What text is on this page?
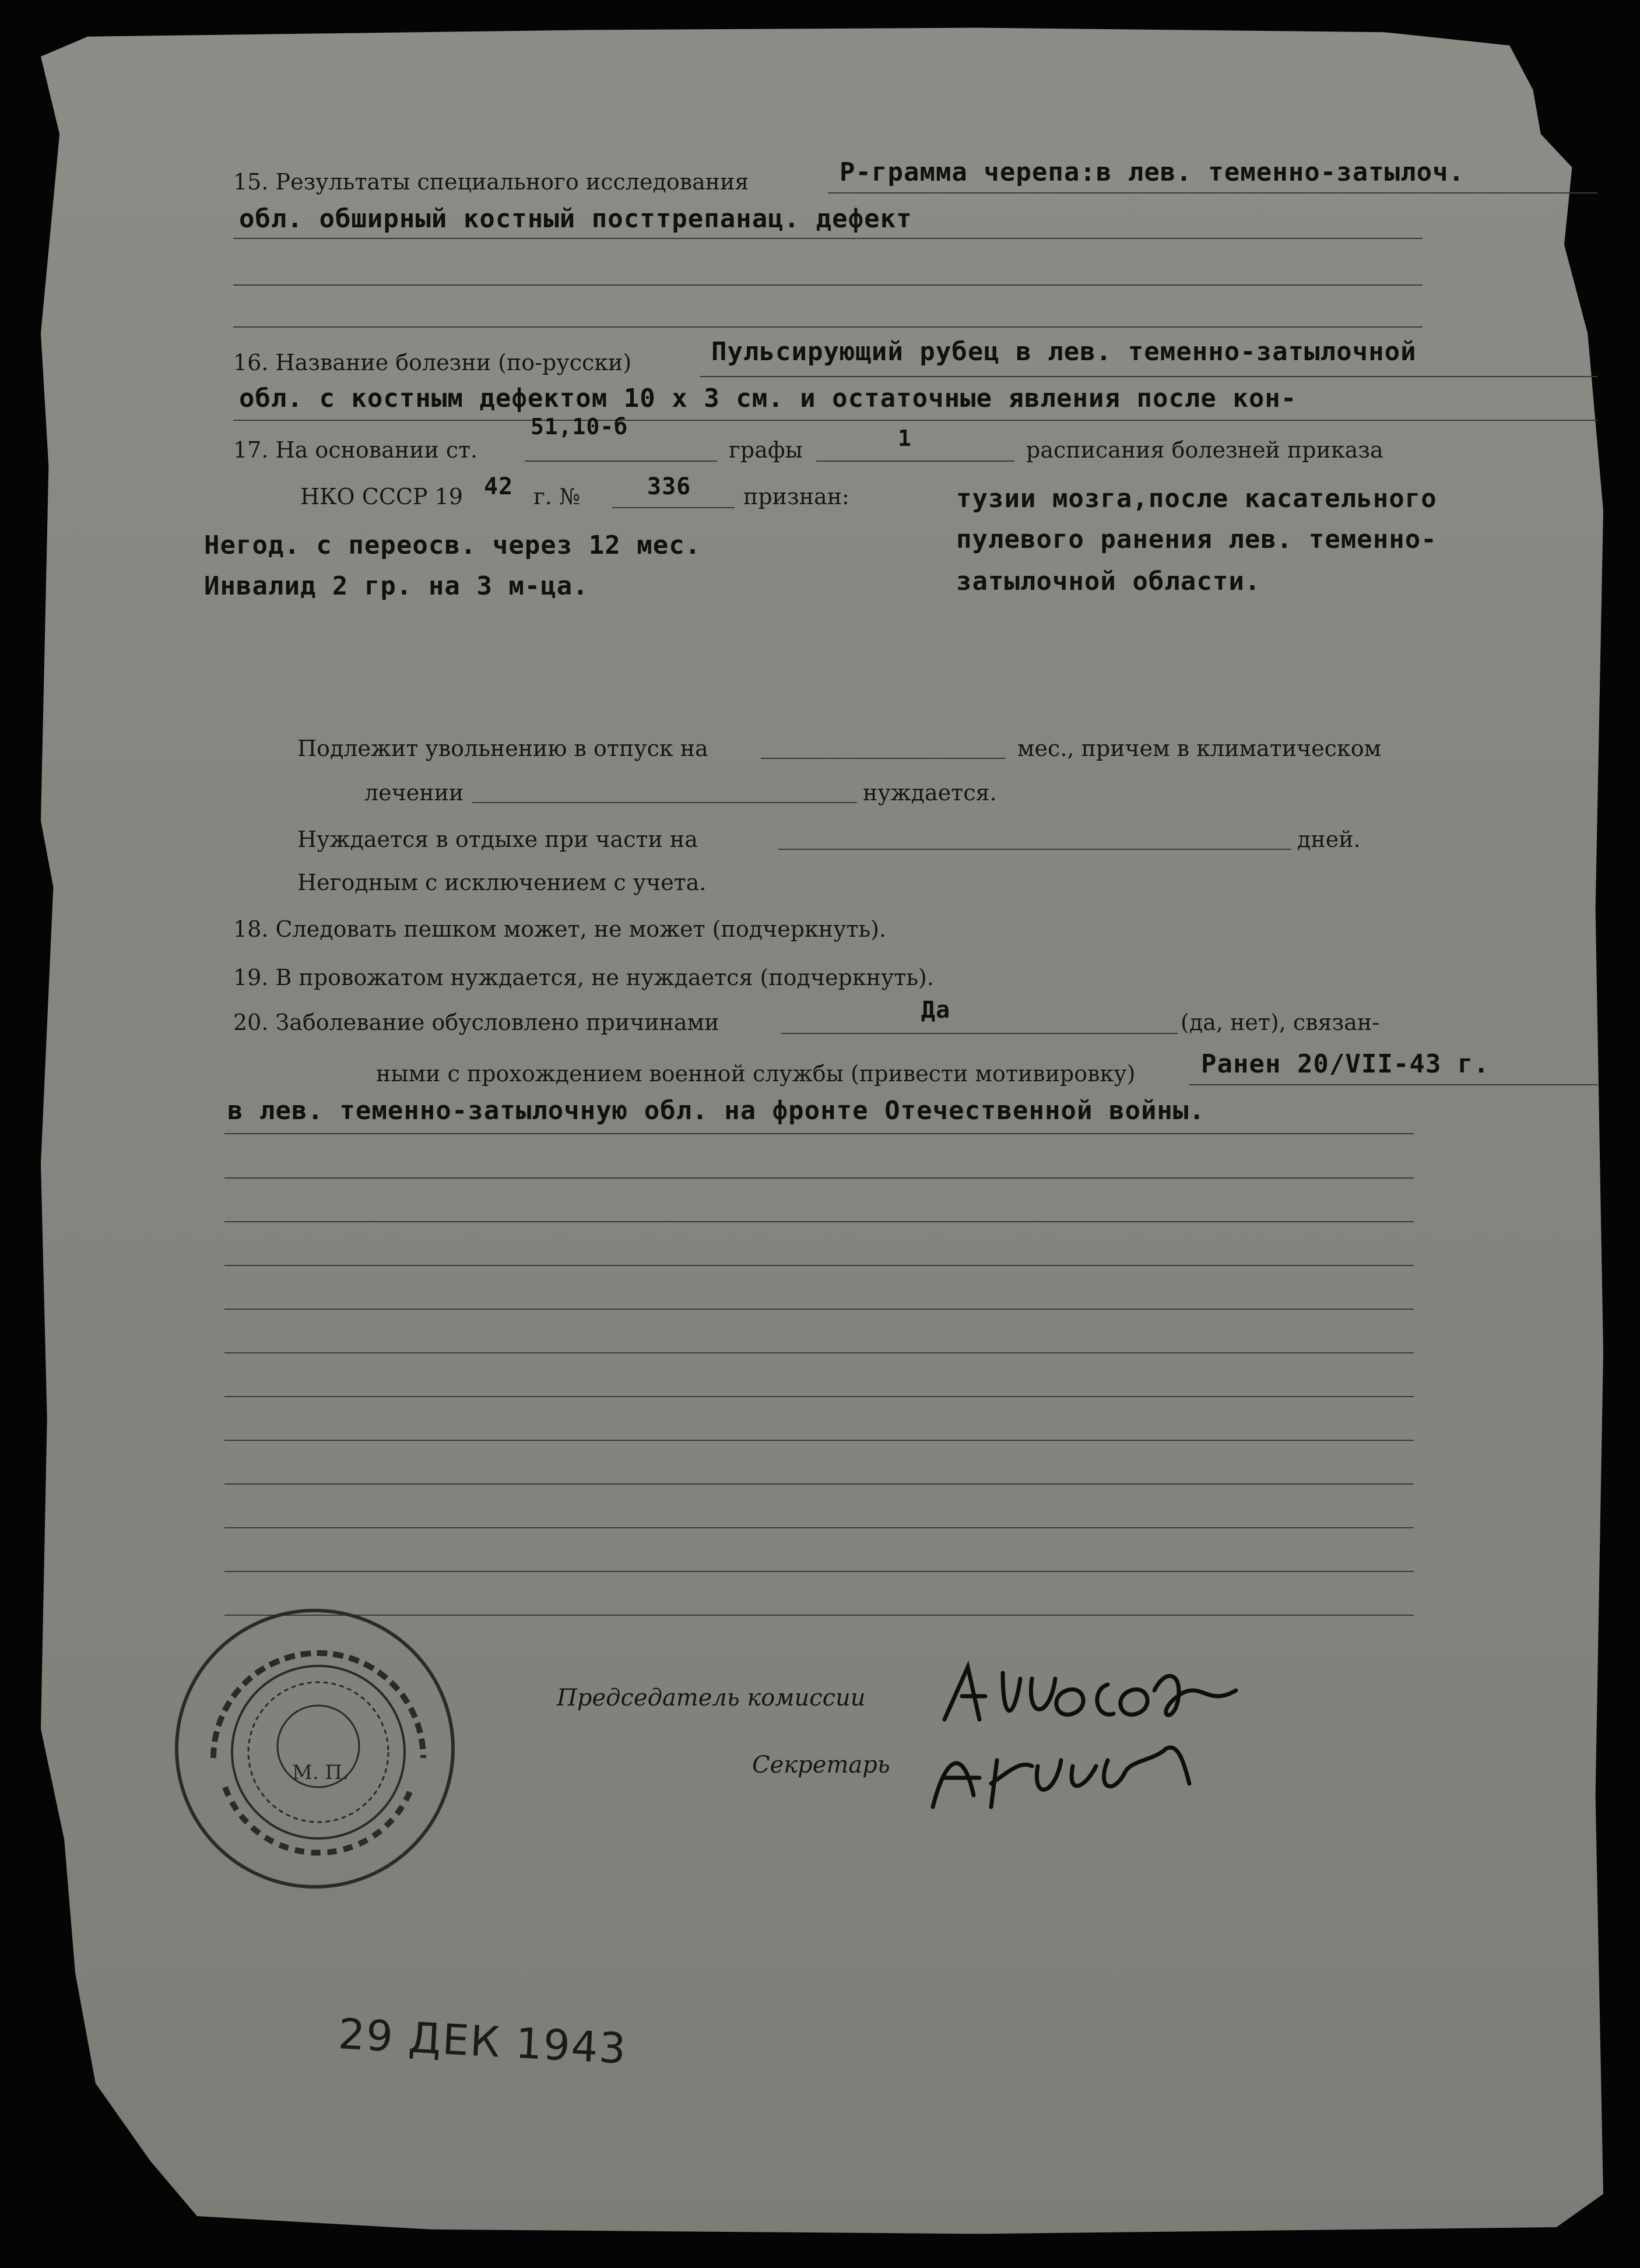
15. Результаты специального исследования	Р-грамма черепа:в лев. теменно-затылоч.
обл. обширный костный посттрепанац. дефект
16. Название болезни (по-русски)	Пульсирующий рубец в лев. теменно-затылочной
обл. с костным дефектом 10 х 3 см. и остаточные явления после кон-
17. На основании ст.
51,10-б
графы	1	расписания болезней приказа
НКО СССР 19 42 г. №	336 признан:	тузии мозга,после касательного
пулевого ранения лев. теменно-
затылочной области.
Негод. с переосв. через 12 мес.
Инвалид 2 гр. на 3 м-ца.
Подлежит увольнению в отпуск на	мес., причем в климатическом
лечении	нуждается.
Нуждается в отдыхе при части на	дней.
Негодным с исключением с учета.
18. Следовать пешком может, не может (подчеркнуть).
19. В провожатом нуждается, не нуждается (подчеркнуть).
20. Заболевание обусловлено причинами	Да	(да, нет), связан-
ными с прохождением военной службы (привести мотивировку)	Ранен 20/VII-43 г.
в лев. теменно-затылочную обл. на фронте Отечественной войны.
М. П.
Председатель комиссии
Секретарь
29 ДЕК 1943
